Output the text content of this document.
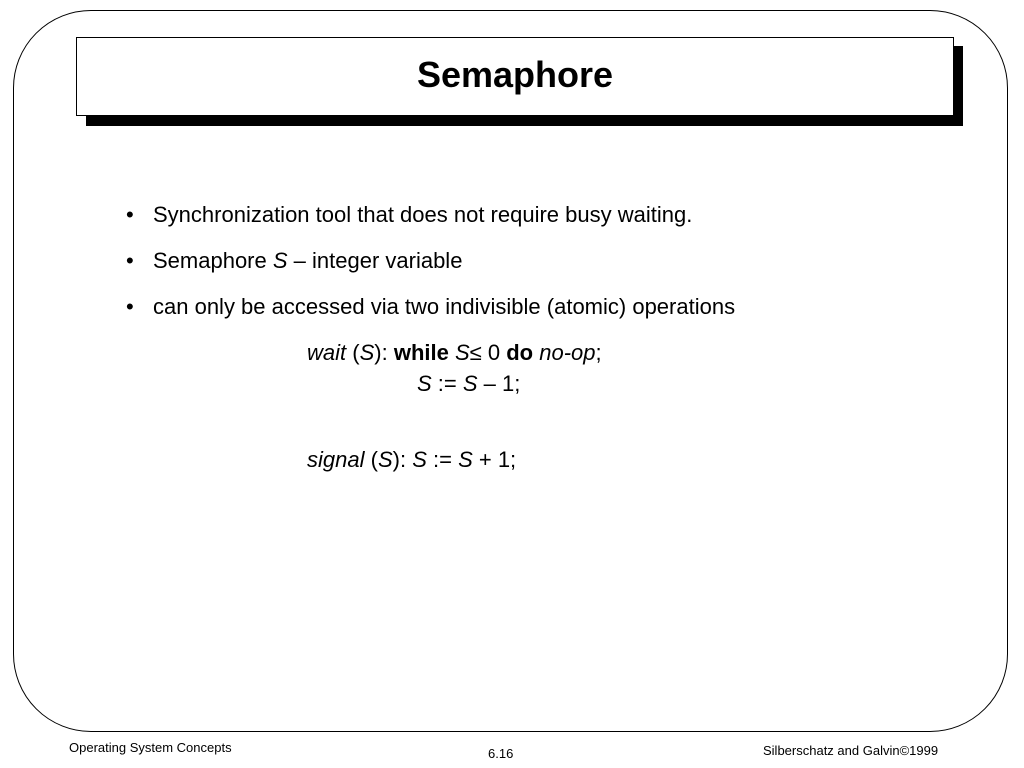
Semaphore
• Synchronization tool that does not require busy waiting.
• Semaphore S – integer variable
• can only be accessed via two indivisible (atomic) operations
wait (S): while S≤ 0 do no-op;
S := S – 1;
signal (S): S := S + 1;
Operating System Concepts	6.16	Silberschatz and Galvin©1999
